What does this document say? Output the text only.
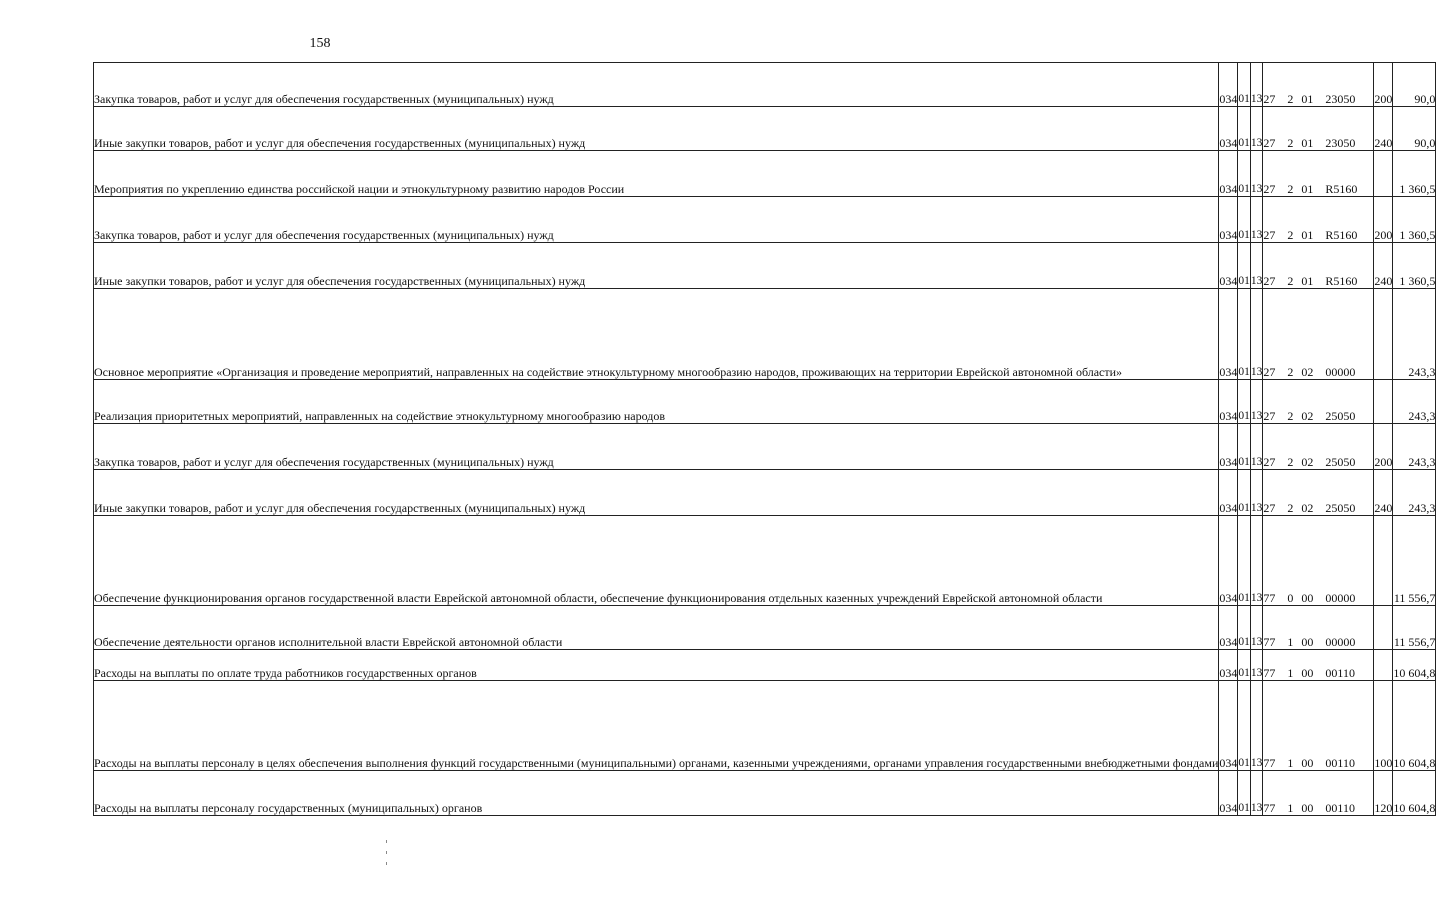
158
Закупка товаров, работ и услуг для обеспечения государственных (муниципальных) нужд	034	01	13	27 2 01 23050	200	90,0
Иные закупки товаров, работ и услуг для обеспечения государственных (муниципальных) нужд	034	01	13	27 2 01 23050	240	90,0
Мероприятия по укреплению единства российской нации и этнокультурному развитию народов России	034	01	13	27 2 01 R5160		1 360,5
Закупка товаров, работ и услуг для обеспечения государственных (муниципальных) нужд	034	01	13	27 2 01 R5160	200	1 360,5
Иные закупки товаров, работ и услуг для обеспечения государственных (муниципальных) нужд	034	01	13	27 2 01 R5160	240	1 360,5
Основное мероприятие «Организация и проведение мероприятий, направленных на содействие этнокультурному многообразию народов, проживающих на территории Еврейской автономной области»	034	01	13	27 2 02 00000		243,3
Реализация приоритетных мероприятий, направленных на содействие этнокультурному многообразию народов	034	01	13	27 2 02 25050		243,3
Закупка товаров, работ и услуг для обеспечения государственных (муниципальных) нужд	034	01	13	27 2 02 25050	200	243,3
Иные закупки товаров, работ и услуг для обеспечения государственных (муниципальных) нужд	034	01	13	27 2 02 25050	240	243,3
Обеспечение функционирования органов государственной власти Еврейской автономной области, обеспечение функционирования отдельных казенных учреждений Еврейской автономной области	034	01	13	77 0 00 00000		11 556,7
Обеспечение деятельности органов исполнительной власти Еврейской автономной области	034	01	13	77 1 00 00000		11 556,7
Расходы на выплаты по оплате труда работников государственных органов	034	01	13	77 1 00 00110		10 604,8
Расходы на выплаты персоналу в целях обеспечения выполнения функций государственными (муниципальными) органами, казенными учреждениями, органами управления государственными внебюджетными фондами	034	01	13	77 1 00 00110	100	10 604,8
Расходы на выплаты персоналу государственных (муниципальных) органов	034	01	13	77 1 00 00110	120	10 604,8
